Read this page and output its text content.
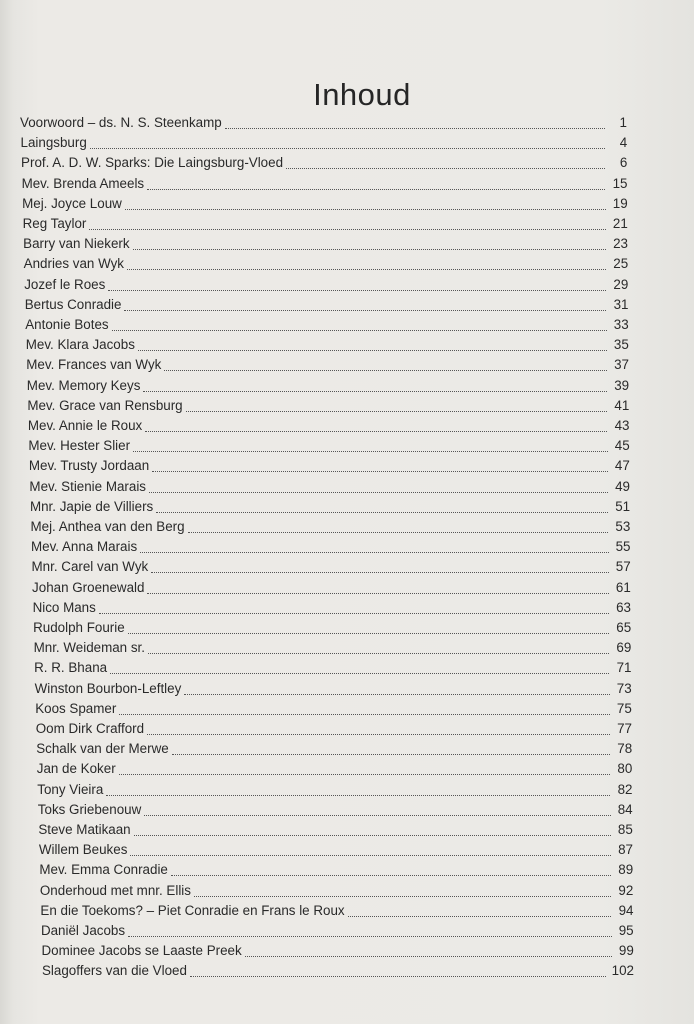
Inhoud
Voorwoord – ds. N. S. Steenkamp	1
Laingsburg	4
Prof. A. D. W. Sparks: Die Laingsburg-Vloed	6
Mev. Brenda Ameels	15
Mej. Joyce Louw	19
Reg Taylor	21
Barry van Niekerk	23
Andries van Wyk	25
Jozef le Roes	29
Bertus Conradie	31
Antonie Botes	33
Mev. Klara Jacobs	35
Mev. Frances van Wyk	37
Mev. Memory Keys	39
Mev. Grace van Rensburg	41
Mev. Annie le Roux	43
Mev. Hester Slier	45
Mev. Trusty Jordaan	47
Mev. Stienie Marais	49
Mnr. Japie de Villiers	51
Mej. Anthea van den Berg	53
Mev. Anna Marais	55
Mnr. Carel van Wyk	57
Johan Groenewald	61
Nico Mans	63
Rudolph Fourie	65
Mnr. Weideman sr.	69
R. R. Bhana	71
Winston Bourbon-Leftley	73
Koos Spamer	75
Oom Dirk Crafford	77
Schalk van der Merwe	78
Jan de Koker	80
Tony Vieira	82
Toks Griebenouw	84
Steve Matikaan	85
Willem Beukes	87
Mev. Emma Conradie	89
Onderhoud met mnr. Ellis	92
En die Toekoms? – Piet Conradie en Frans le Roux	94
Daniël Jacobs	95
Dominee Jacobs se Laaste Preek	99
Slagoffers van die Vloed	102
